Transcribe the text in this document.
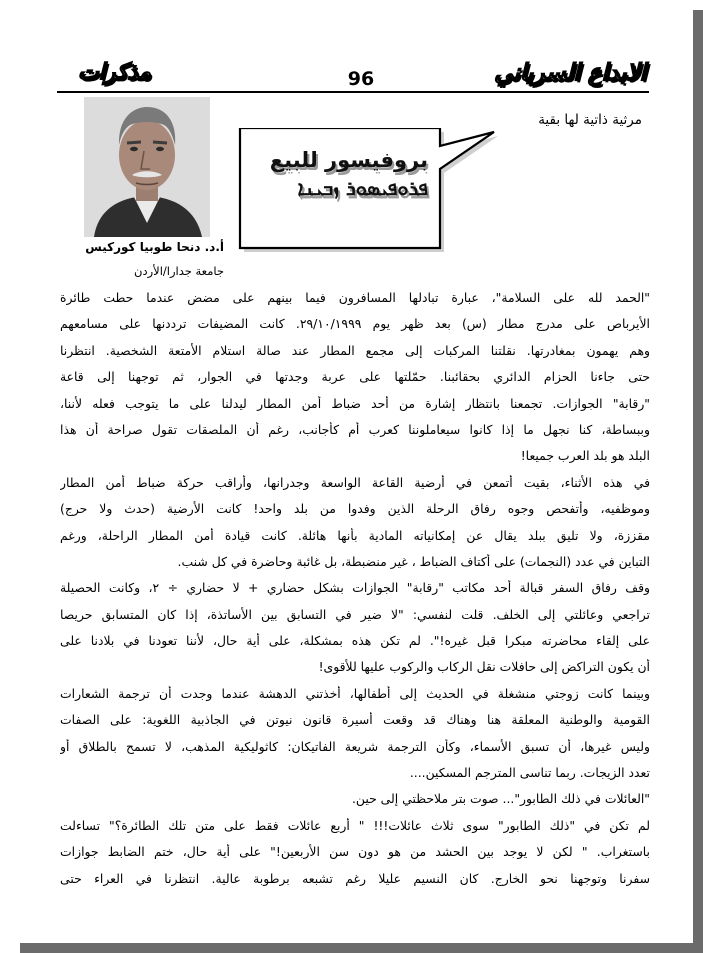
الابداع السرياني
96
مذكرات
مرثية ذاتية لها بقية
بروفيسور للبيع
ܦܪܘܦܝܣܘܪ ܙܒܝܢܐ
أ.د. دنحا طوبيا كوركيس
جامعة جدارا/الأردن
"الحمد لله على السلامة"، عبارة تبادلها المسافرون فيما بينهم على مضض عندما حطت طائرة
الأيرباص على مدرج مطار (س) بعد ظهر يوم ٢٩/١٠/١٩٩٩. كانت المضيفات ترددنها على مسامعهم
وهم يهمون بمغادرتها. نقلتنا المركبات إلى مجمع المطار عند صالة استلام الأمتعة الشخصية. انتظرنا
حتى جاءنا الحزام الدائري بحقائبنا. حمّلتها على عربة وجدتها في الجوار، ثم توجهنا إلى قاعة
"رقابة" الجوازات. تجمعنا بانتظار إشارة من أحد ضباط أمن المطار ليدلنا على ما يتوجب فعله لأننا،
وببساطة، كنا نجهل ما إذا كانوا سيعاملوننا كعرب أم كأجانب، رغم أن الملصقات تقول صراحة أن هذا
البلد هو بلد العرب جميعا!
في هذه الأثناء، بقيت أتمعن في أرضية القاعة الواسعة وجدرانها، وأراقب حركة ضباط أمن المطار
وموظفيه، وأتفحص وجوه رفاق الرحلة الذين وفدوا من بلد واحد! كانت الأرضية (حدث ولا حرج)
مقززة، ولا تليق ببلد يقال عن إمكانياته المادية بأنها هائلة. كانت قيادة أمن المطار الراحلة، ورغم
التباين في عدد (النجمات) على أكتاف الضباط ، غير منضبطة، بل غائبة وحاضرة في كل شنب.
وقف رفاق السفر قبالة أحد مكاتب "رقابة" الجوازات بشكل حضاري + لا حضاري ÷ ٢، وكانت الحصيلة
تراجعي وعائلتي إلى الخلف. قلت لنفسي: "لا ضير في التسابق بين الأساتذة، إذا كان المتسابق حريصا
على إلقاء محاضرته مبكرا قبل غيره!". لم تكن هذه بمشكلة، على أية حال، لأننا تعودنا في بلادنا على
أن يكون التراكض إلى حافلات نقل الركاب والركوب عليها للأقوى!
وبينما كانت زوجتي منشغلة في الحديث إلى أطفالها، أخذتني الدهشة عندما وجدت أن ترجمة الشعارات
القومية والوطنية المعلقة هنا وهناك قد وقعت أسيرة قانون نيوتن في الجاذبية اللغوية: على الصفات
وليس غيرها، أن تسبق الأسماء، وكأن الترجمة شريعة الفاتيكان: كاثوليكية المذهب، لا تسمح بالطلاق أو
تعدد الزيجات. ربما تناسى المترجم المسكين....
"العائلات في ذلك الطابور"... صوت بتر ملاحظتي إلى حين.
لم تكن في "ذلك الطابور" سوى ثلاث عائلات!!! " أربع عائلات فقط على متن تلك الطائرة؟" تساءلت
باستغراب. " لكن لا يوجد بين الحشد من هو دون سن الأربعين!" على أية حال، ختم الضابط جوازات
سفرنا وتوجهنا نحو الخارج. كان النسيم عليلا رغم تشبعه برطوبة عالية. انتظرنا في العراء حتى
